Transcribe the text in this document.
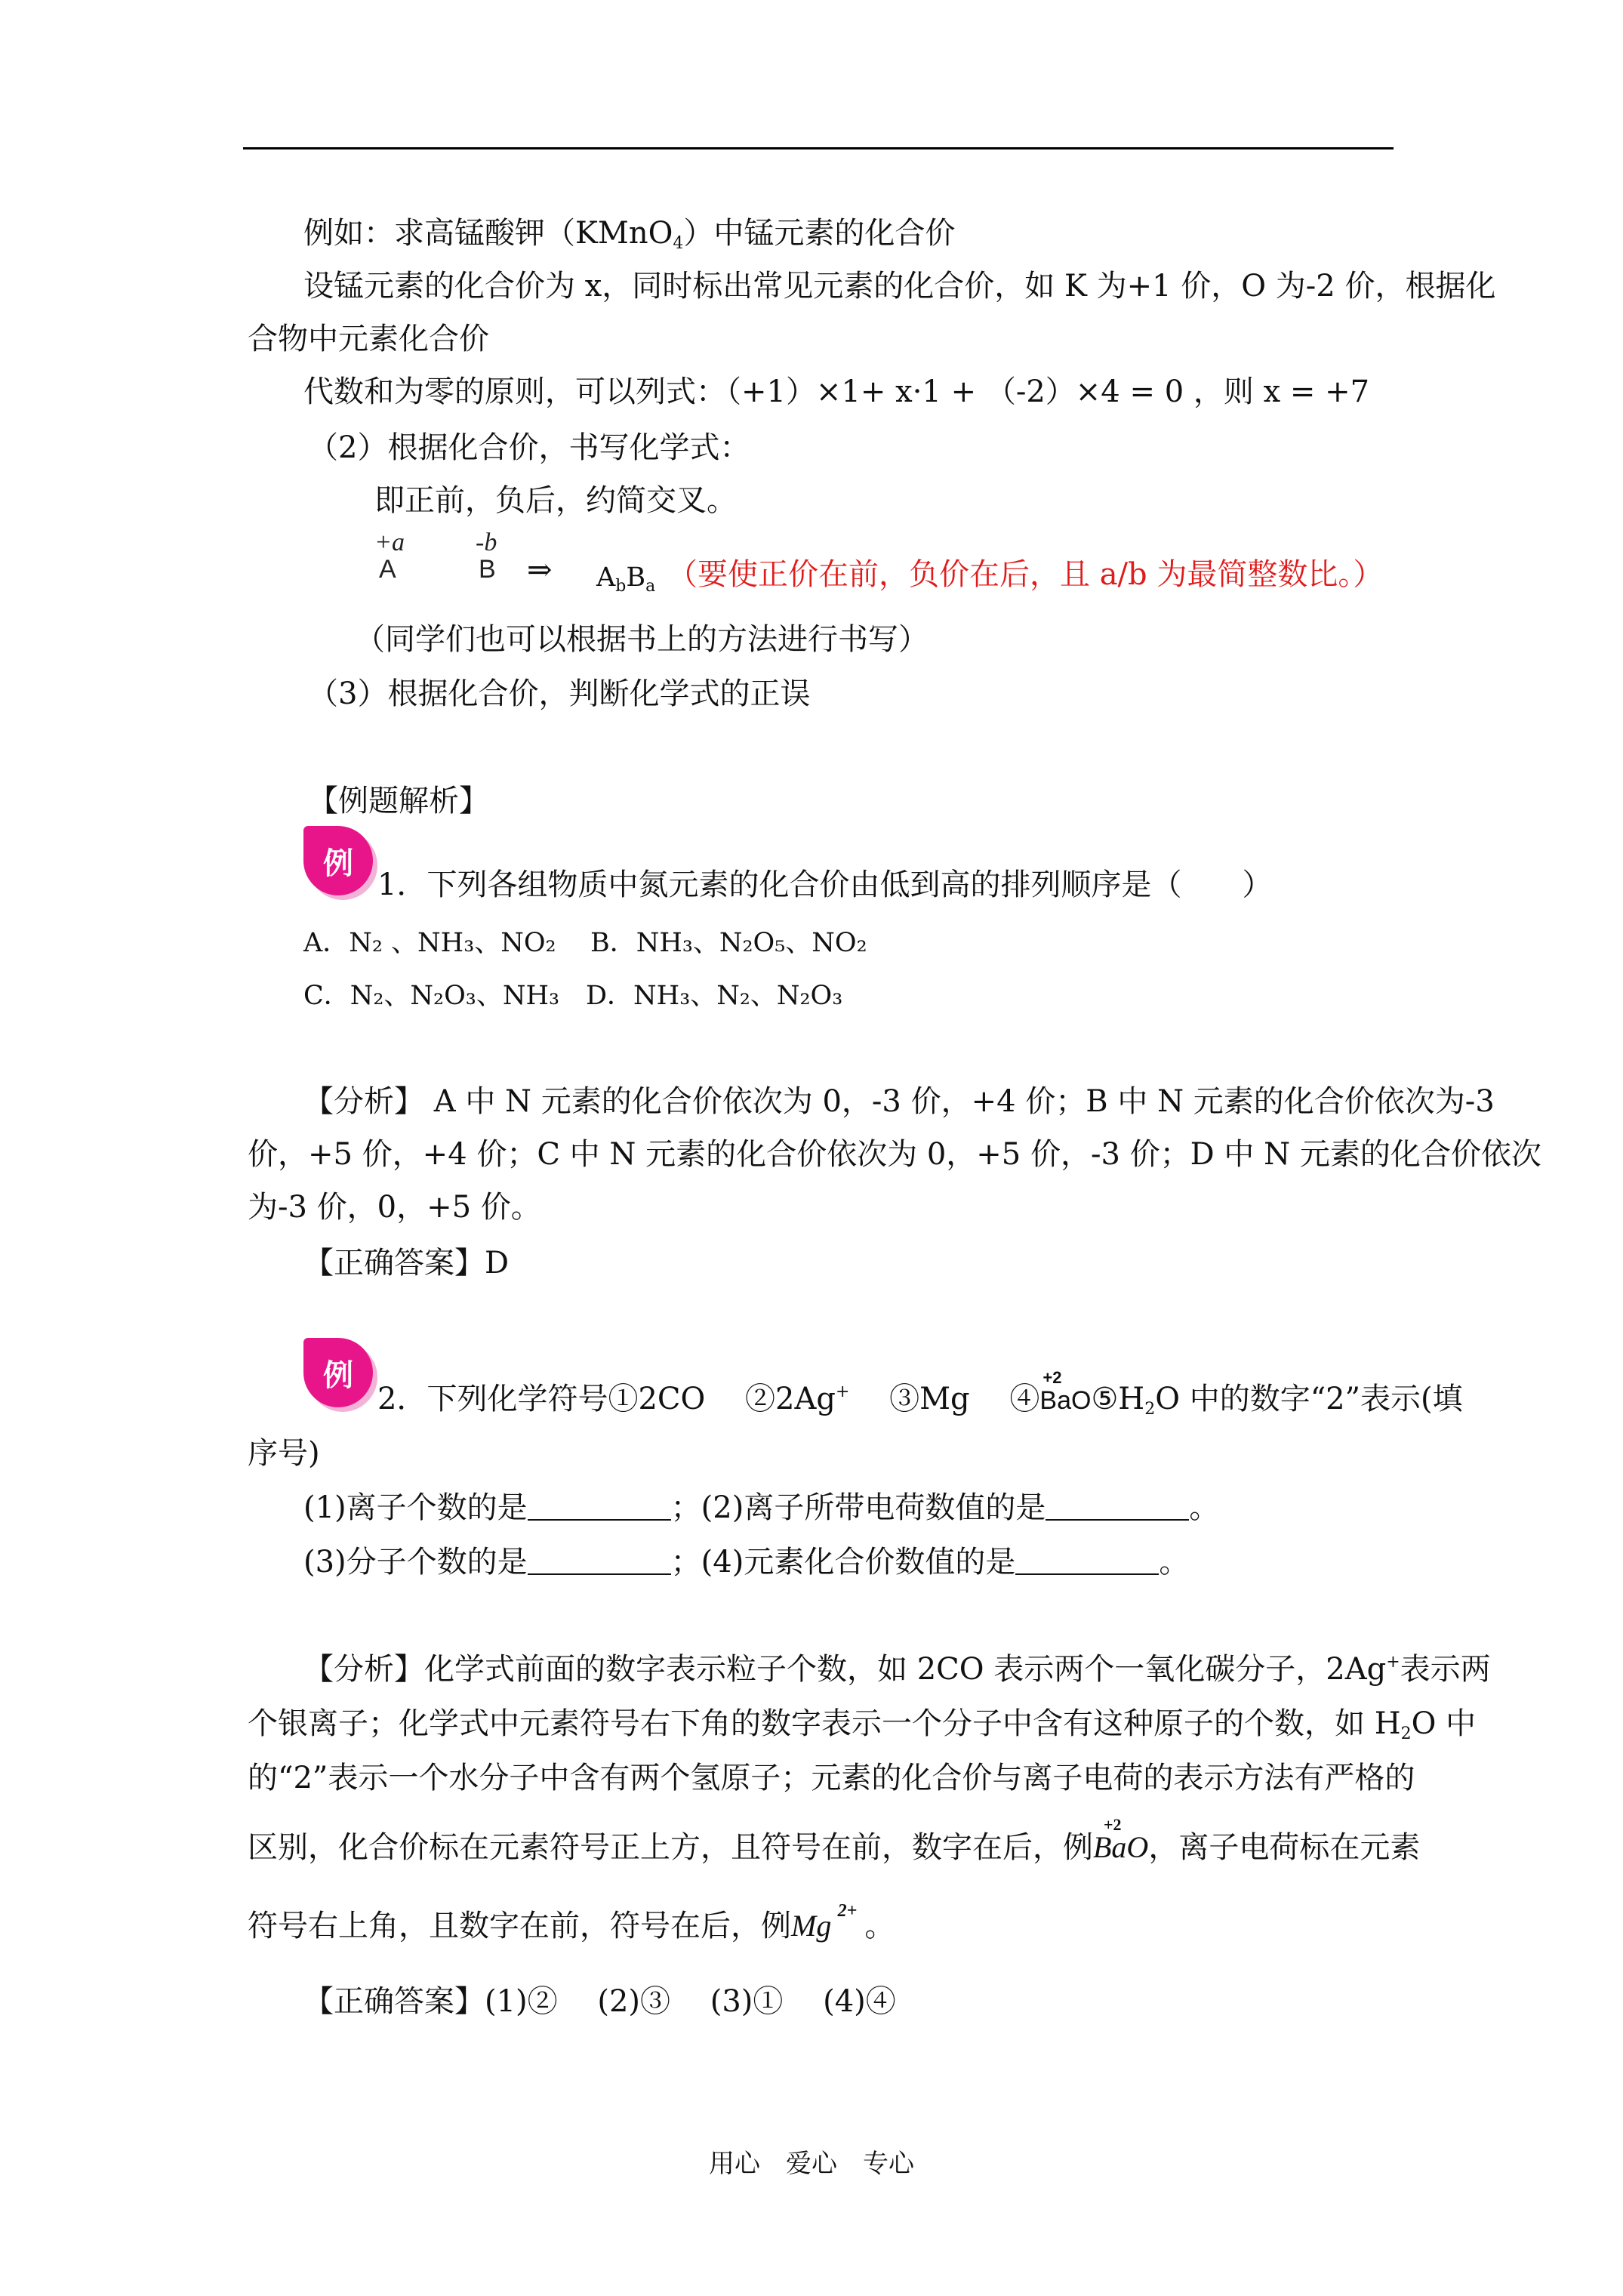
例如：求高锰酸钾（KMnO$_4$）中锰元素的化合价
设锰元素的化合价为 x，同时标出常见元素的化合价，如 K 为+1 价，O 为-2 价，根据化
合物中元素化合价
代数和为零的原则，可以列式：（+1）×1+ x·1 + （-2）×4 = 0 ，则 x = +7
（2）根据化合价，书写化学式：
即正前，负后，约简交叉。
+a
A
-b
B ⇒ $A_bB_a$ （要使正价在前，负价在后，且 a/b 为最简整数比。）
（同学们也可以根据书上的方法进行书写）
（3）根据化合价，判断化学式的正误
【例题解析】
例
1．下列各组物质中氮元素的化合价由低到高的排列顺序是（　　）
A．N₂ 、NH₃、NO₂ B．NH₃、N₂O₅、NO₂
C．N₂、N₂O₃、NH₃ D．NH₃、N₂、N₂O₃
【分析】 A 中 N 元素的化合价依次为 0，-3 价，+4 价；B 中 N 元素的化合价依次为-3
价，+5 价，+4 价；C 中 N 元素的化合价依次为 0，+5 价，-3 价；D 中 N 元素的化合价依次
为-3 价，0，+5 价。
【正确答案】D
例
2．下列化学符号①2CO　 ②2Ag+　 ③Mg　 ④
+2
$BaO⑤H_2O$ 中的数字“2”表示(填
序号)
(1)离子个数的是	；(2)离子所带电荷数值的是	。
(3)分子个数的是	；(4)元素化合价数值的是	。
【分析】化学式前面的数字表示粒子个数，如 2CO 表示两个一氧化碳分子，2Ag+表示两
个银离子；化学式中元素符号右下角的数字表示一个分子中含有这种原子的个数，如 $H_2O$ 中
的“2”表示一个水分子中含有两个氢原子；元素的化合价与离子电荷的表示方法有严格的
区别，化合价标在元素符号正上方，且符号在前，数字在后，例
+2
BaO，离子电荷标在元素
符号右上角，且数字在前，符号在后，例Mg 2+ 。
【正确答案】(1)②　 (2)③　 (3)①　 (4)④
用心　爱心　专心
